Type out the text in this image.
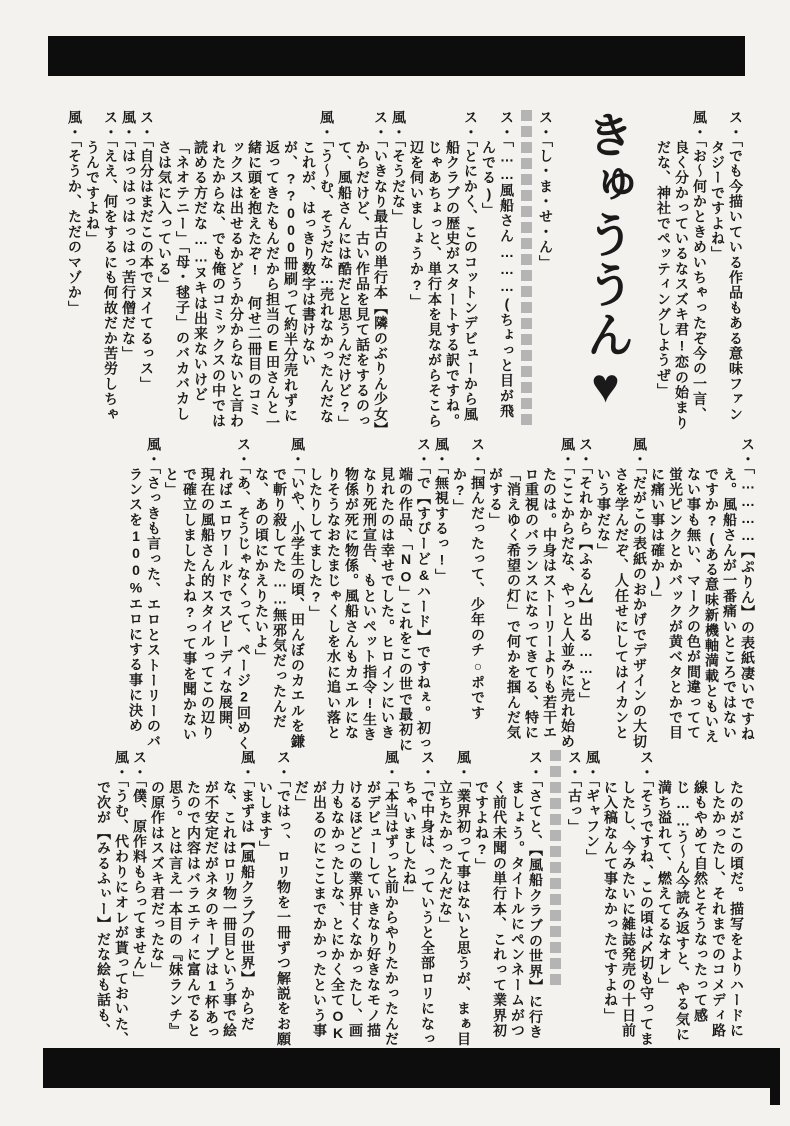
ス・「でも今描いている作品もある意味ファンタジーですよね」

風・「お〜何かときめいちゃったぞ今の一言、良く分かっているなスズキ君!恋の始まりだな、神社でペッティングしようぜ」

きゅううん♥

ス・「し・ま・せ・ん」

ス・「……風船さん………(ちょっと目が飛んでる)」

ス・「とにかく、このコットンデビューから風船クラブの歴史がスタートする訳ですね。じゃあちょっと、単行本を見ながらそこら辺を伺いましょうか?」

風・「そうだな」

ス・「いきなり最古の単行本【隣のぶりん少女】からだけど、古い作品を見て話をするのって、風船さんには酷だと思うんだけど?」

風・「う〜む、そうだな…売れなかったんだなこれが、はっきり数字は書けないが、??000冊刷って約半分売れずに返ってきたもんだから担当のE田さんと一緒に頭を抱えたぞ! 何せ二冊目のコミックスは出せるかどうか分からないと言われたからな、でも俺のコミックスの中では読める方だな……ヌキは出来ないけど「ネオテニー」「母・毬子」のバカバカしさは気に入っている」

ス・「自分はまだこの本でヌイてるっス」

風・「はっはっはっはっ苦行僧だな」

ス・「ええ、何をするにも何故だか苦労しちゃうんですよね」

風・「そうか、ただのマゾか」

ス・「…………【ぷりん】の表紙凄いですねえ。風船さんが一番痛いところではないですか?(ある意味新機軸満載ともいえない事も無い、マークの色が間違ってて蛍光ピンクとかバックが黄ベタとかで目に痛い事は確か)」

風・「だがこの表紙のおかげでデザインの大切さを学んだぞ、人任せにしてはイカンという事だな」

ス・「それから【ふるん】出る……と」

風・「ここからだな、やっと人並みに売れ始めたのは。中身はストーリーよりも若干エロ重視のバランスになってきてる、特に「消えゆく希望の灯」で何かを掴んだ気がする」

ス・「掴んだったって、少年のチ○ポですか?」

風・「無視するっ!」

ス・「で【すぴーど&ハード】ですねぇ。初っ端の作品、「NO」これをこの世で最初に見れたのは幸せでした。ヒロインにいきなり死刑宣告、もといペット指令!生き物係が死に物係。風船さんもカエルになりそうなおたまじゃくしを水に追い落としたりしてました?」

風・「いや、小学生の頃、田んぼのカエルを鎌で斬り殺してた……無邪気だったんだな、あの頃にかえりたいよ」

ス・「あ、そうじゃなくって、ページ2回めくればエロワールドでスピーディな展開、現在の風船さん的スタイルってこの辺りで確立しましたよね?って事を聞かないと」

風・「さっきも言った、エロとストーリーのバランスを100%エロにする事に決め

たのがこの頃だ。描写をよりハードにしたかったし、それまでのコメディ路線もやめて自然とそうなったって感じ……う〜ん今読み返すと、やる気に満ち溢れて、燃えてるなオレ」

ス・「そうですね、この頃は〆切も守ってましたし、今みたいに雑誌発売の十日前に入稿なんて事なかったですよね」

風・「ギャフン」

ス・「古っ」

ス・「さてと、【風船クラブの世界】に行きましょう。タイトルにペンネームがつく前代未聞の単行本、これって業界初ですよね?」

風・「業界初って事はないと思うが、まぁ目立ちたかったんだな」

ス・「で中身は、っていうと全部ロリになっちゃいましたね」

風・「本当はずっと前からやりたかったんだがデビューしていきなり好きなモノ描けるほどこの業界甘くなかったし、画力もなかったしな、とにかく全てOKが出るのにここまでかかったという事だ」

ス・「ではっ、ロリ物を一冊ずつ解説をお願いします」

風・「まずは【風船クラブの世界】からだな、これはロリ物一冊目という事で絵が不安定だがネタのキープは1杯あったので内容はバラエティに富んでると思う。とは言え一本目の『妹ランチ』の原作はスズキ君だったな」

ス・「僕、原作料もらってません」

風・「うむ、代わりにオレが貰っておいた、で次が【みるふぃー】だな絵も話も、
